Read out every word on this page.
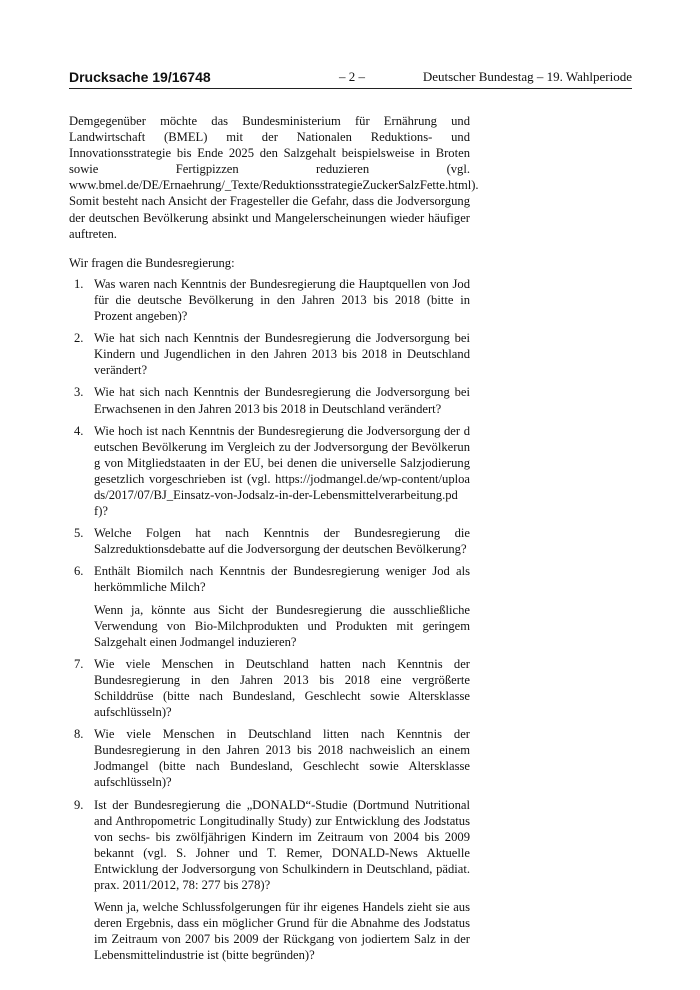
Drucksache 19/16748	– 2 –	Deutscher Bundestag – 19. Wahlperiode

Demgegenüber möchte das Bundesministerium für Ernährung und Landwirtschaft (BMEL) mit der Nationalen Reduktions- und Innovationsstrategie bis Ende 2025 den Salzgehalt beispielsweise in Broten sowie Fertigpizzen reduzieren (vgl. www.bmel.de/DE/Ernaehrung/_Texte/ReduktionsstrategieZuckerSalzFette.html). Somit besteht nach Ansicht der Fragesteller die Gefahr, dass die Jodversorgung der deutschen Bevölkerung absinkt und Mangelerscheinungen wieder häufiger auftreten.

Wir fragen die Bundesregierung:

1. Was waren nach Kenntnis der Bundesregierung die Hauptquellen von Jod für die deutsche Bevölkerung in den Jahren 2013 bis 2018 (bitte in Prozent angeben)?
2. Wie hat sich nach Kenntnis der Bundesregierung die Jodversorgung bei Kindern und Jugendlichen in den Jahren 2013 bis 2018 in Deutschland verändert?
3. Wie hat sich nach Kenntnis der Bundesregierung die Jodversorgung bei Erwachsenen in den Jahren 2013 bis 2018 in Deutschland verändert?
4. Wie hoch ist nach Kenntnis der Bundesregierung die Jodversorgung der deutschen Bevölkerung im Vergleich zu der Jodversorgung der Bevölkerung von Mitgliedstaaten in der EU, bei denen die universelle Salzjodierung gesetzlich vorgeschrieben ist (vgl. https://jodmangel.de/wp-content/uploads/2017/07/BJ_Einsatz-von-Jodsalz-in-der-Lebensmittelverarbeitung.pdf)?
5. Welche Folgen hat nach Kenntnis der Bundesregierung die Salzreduktionsdebatte auf die Jodversorgung der deutschen Bevölkerung?
6. Enthält Biomilch nach Kenntnis der Bundesregierung weniger Jod als herkömmliche Milch?
Wenn ja, könnte aus Sicht der Bundesregierung die ausschließliche Verwendung von Bio-Milchprodukten und Produkten mit geringem Salzgehalt einen Jodmangel induzieren?
7. Wie viele Menschen in Deutschland hatten nach Kenntnis der Bundesregierung in den Jahren 2013 bis 2018 eine vergrößerte Schilddrüse (bitte nach Bundesland, Geschlecht sowie Altersklasse aufschlüsseln)?
8. Wie viele Menschen in Deutschland litten nach Kenntnis der Bundesregierung in den Jahren 2013 bis 2018 nachweislich an einem Jodmangel (bitte nach Bundesland, Geschlecht sowie Altersklasse aufschlüsseln)?
9. Ist der Bundesregierung die „DONALD“-Studie (Dortmund Nutritional and Anthropometric Longitudinally Study) zur Entwicklung des Jodstatus von sechs- bis zwölfjährigen Kindern im Zeitraum von 2004 bis 2009 bekannt (vgl. S. Johner und T. Remer, DONALD-News Aktuelle Entwicklung der Jodversorgung von Schulkindern in Deutschland, pädiat. prax. 2011/2012, 78: 277 bis 278)?
Wenn ja, welche Schlussfolgerungen für ihr eigenes Handels zieht sie aus deren Ergebnis, dass ein möglicher Grund für die Abnahme des Jodstatus im Zeitraum von 2007 bis 2009 der Rückgang von jodiertem Salz in der Lebensmittelindustrie ist (bitte begründen)?
